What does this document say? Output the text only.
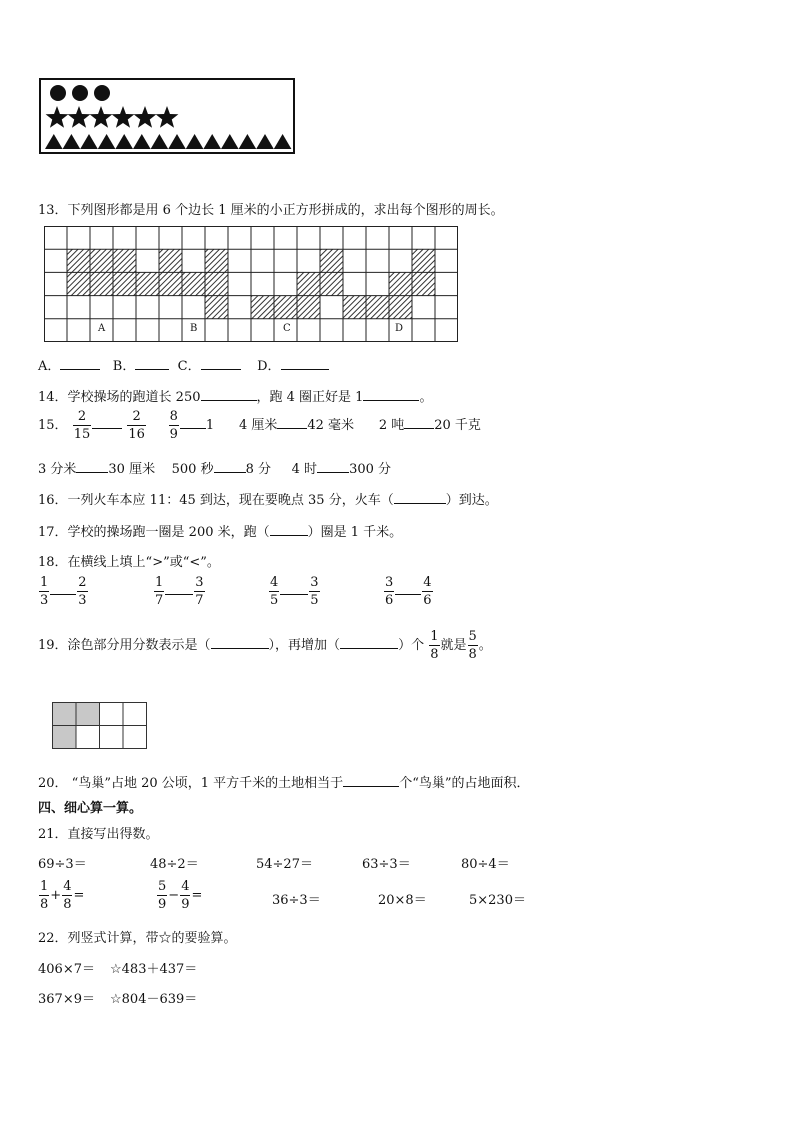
13．下列图形都是用 6 个边长 1 厘米的小正方形拼成的，求出每个图形的周长。
A	B	C	D
A．	B．	C．	D．
14．学校操场的跑道长 250	，跑 4 圈正好是 1	。
15． $\frac{2}{15}$
	$\frac{2}{16}$
$\frac{8}{9} 1$ 4 厘米 42 毫米 2 吨 20 千克
3 分米 30 厘米 500 秒 8 分 4 时 300 分
16．一列火车本应 11：45 到达，现在要晚点 35 分，火车（	）到达。
17．学校的操场跑一圈是 200 米，跑（	）圈是 1 千米。
18．在横线上填上“>”或“<”。
$\frac{1}{3} \frac{2}{3}$	$\frac{1}{7} \frac{3}{7}$	$\frac{4}{5} \frac{3}{5}$	$\frac{3}{6} \frac{4}{6}$
19．涂色部分用分数表示是（	），再增加（	）个 $\frac{1}{8}$ 就是 $\frac{5}{8}$ 。
20． “鸟巢”占地 20 公顷，1 平方千米的土地相当于	个“鸟巢”的占地面积．
四、细心算一算。
21．直接写出得数。
69÷3＝	48÷2＝	54÷27＝	63÷3＝	80÷4＝
$\frac{1}{8} + \frac{4}{8}$ =	$\frac{5}{9} - \frac{4}{9}$ =	36÷3＝	20×8＝	5×230＝
22．列竖式计算，带☆的要验算。
406×7＝ ☆483＋437＝
367×9＝ ☆804－639＝
